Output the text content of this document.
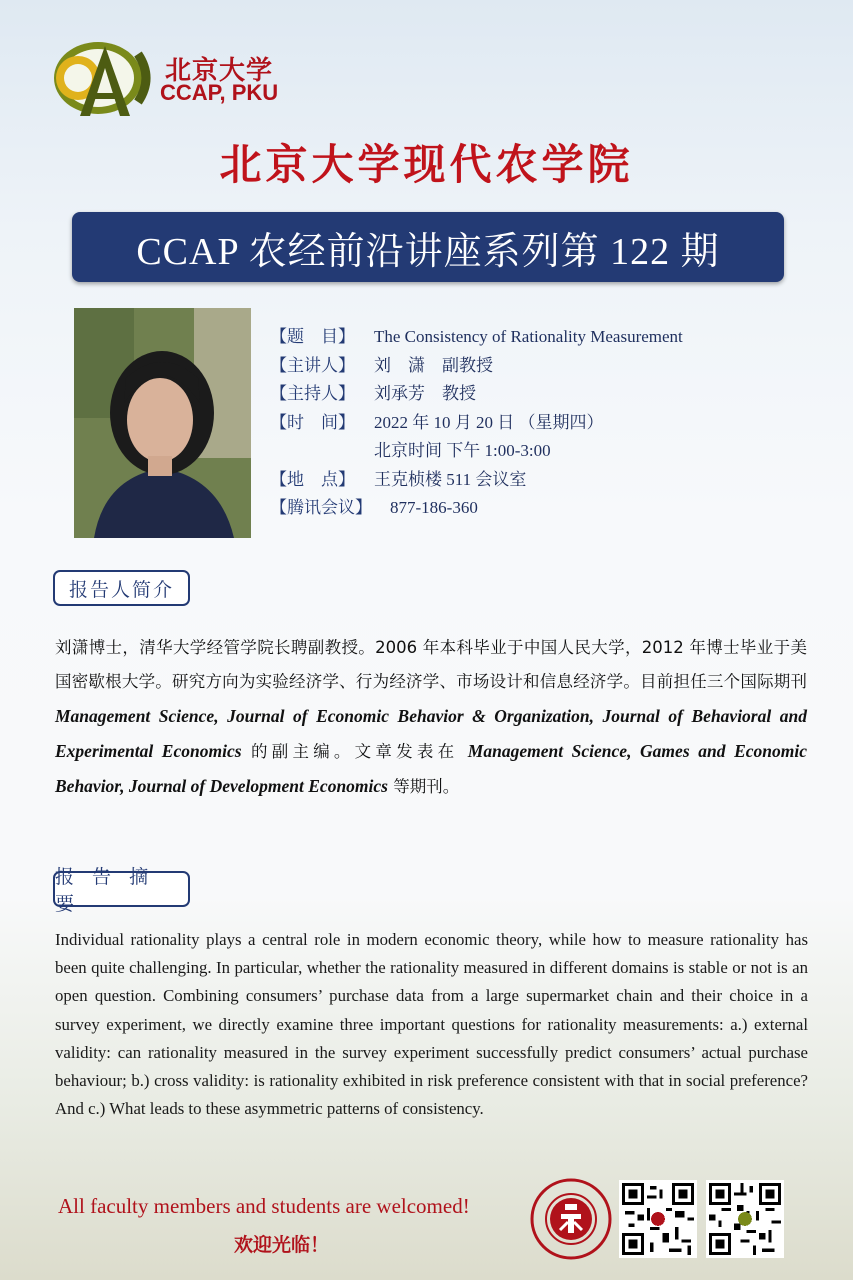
北京大学
CCAP, PKU
北京大学现代农学院
CCAP 农经前沿讲座系列第 122 期
【题　目】	The Consistency of Rationality Measurement
【主讲人】	刘　潇　副教授
【主持人】	刘承芳　教授
【时　间】	2022 年 10 月 20 日 （星期四）
北京时间 下午 1:00-3:00
【地　点】	王克桢楼 511 会议室
【腾讯会议】	877-186-360
报告人简介
刘潇博士，清华大学经管学院长聘副教授。2006 年本科毕业于中国人民大学，2012 年博士毕业于美国密歇根大学。研究方向为实验经济学、行为经济学、市场设计和信息经济学。目前担任三个国际期刊 Management Science, Journal of Economic Behavior & Organization, Journal of Behavioral and Experimental Economics 的副主编。文章发表在 Management Science, Games and Economic Behavior, Journal of Development Economics 等期刊。
报 告 摘 要
Individual rationality plays a central role in modern economic theory, while how to measure rationality has been quite challenging. In particular, whether the rationality measured in different domains is stable or not is an open question. Combining consumers’ purchase data from a large supermarket chain and their choice in a survey experiment, we directly examine three important questions for rationality measurements: a.) external validity: can rationality measured in the survey experiment successfully predict consumers’ actual purchase behaviour; b.) cross validity: is rationality exhibited in risk preference consistent with that in social preference? And c.) What leads to these asymmetric patterns of consistency.
All faculty members and students are welcomed!
欢迎光临！
